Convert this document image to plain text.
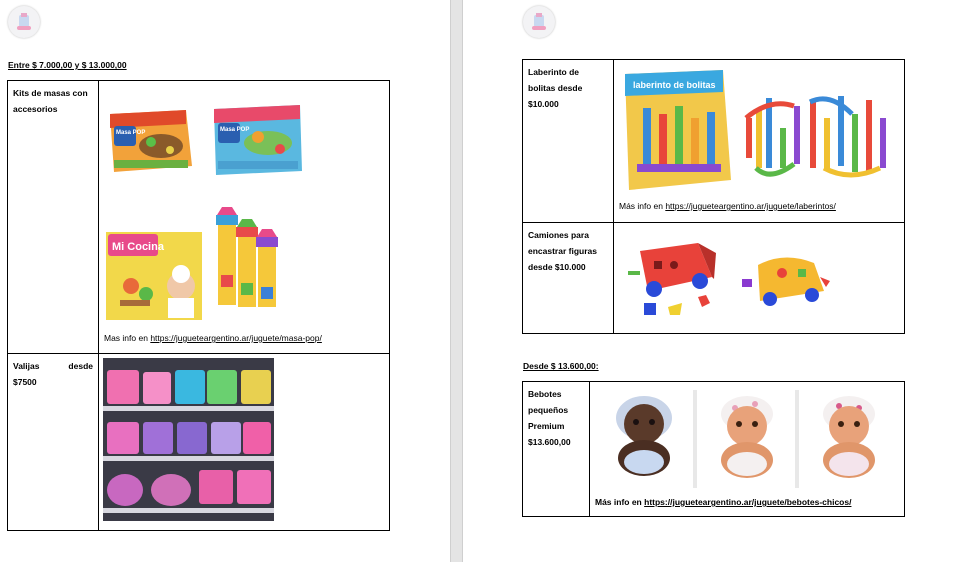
Entre $ 7.000,00 y $ 13.000,00
Kits de masas con accesorios	Masa POP Masa POP
Mi Cocina
Mas info en https://jugueteargentino.ar/juguete/masa-pop/

Valijas desde
$7500

Laberinto de bolitas desde $10.000	laberinto de bolitas
Más info en https://jugueteargentino.ar/juguete/laberintos/

Camiones para encastrar figuras desde $10.000

Desde $ 13.600,00:
Bebotes pequeños Premium $13.600,00

Más info en https://jugueteargentino.ar/juguete/bebotes-chicos/
